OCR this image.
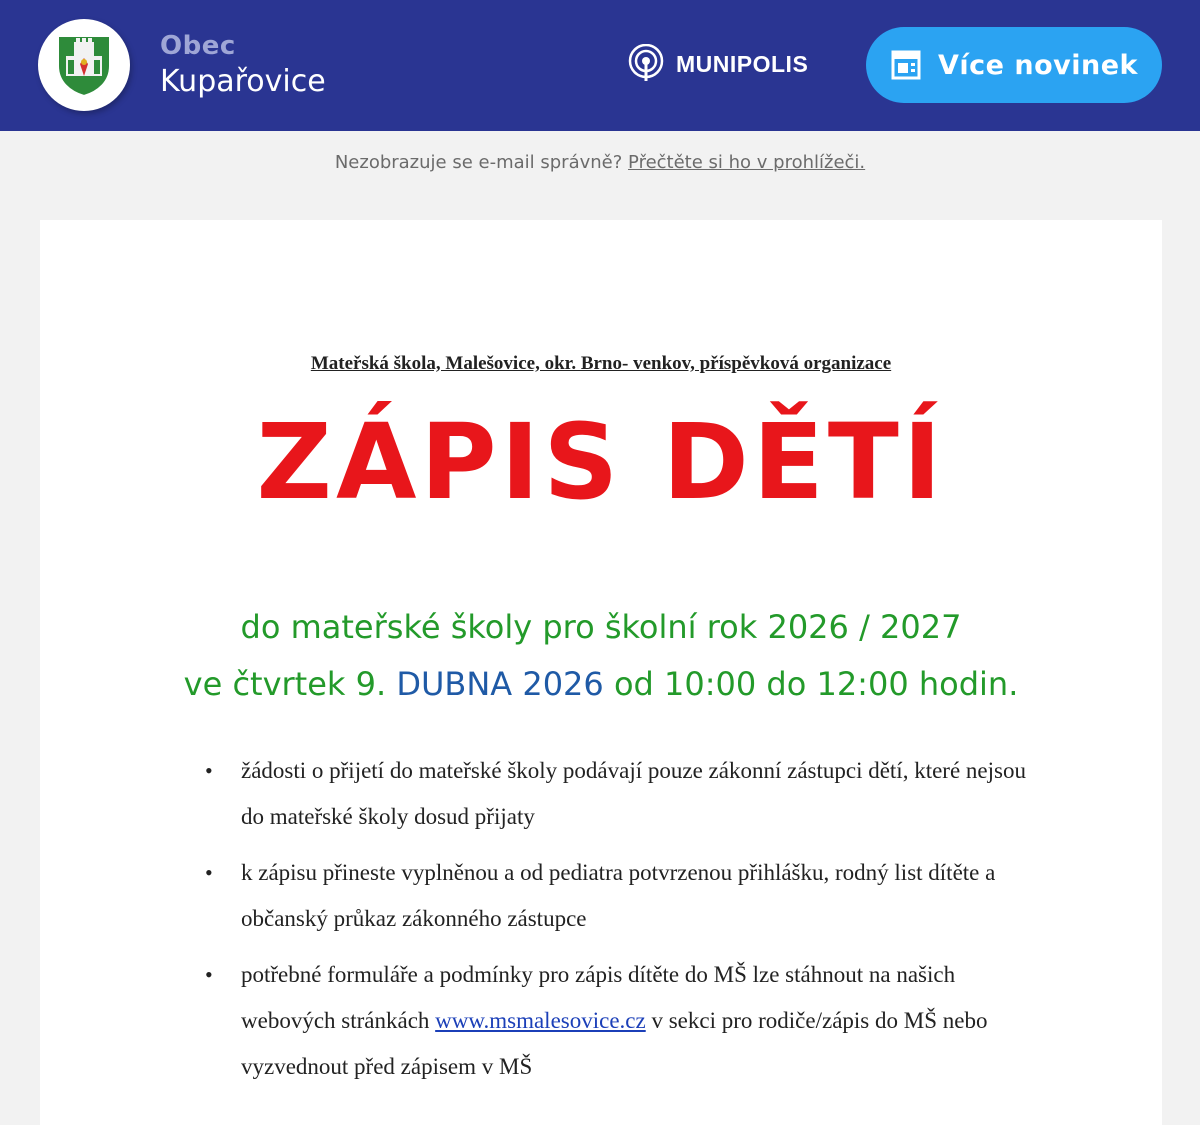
Obec
Kupařovice
MUNIPOLIS	Více novinek
Nezobrazuje se e-mail správně? Přečtěte si ho v prohlížeči.
Mateřská škola, Malešovice, okr. Brno- venkov, příspěvková organizace
ZÁPIS DĚTÍ
do mateřské školy pro školní rok 2026 / 2027
ve čtvrtek 9. DUBNA 2026 od 10:00 do 12:00 hodin.
• žádosti o přijetí do mateřské školy podávají pouze zákonní zástupci dětí, které nejsou do mateřské školy dosud přijaty
• k zápisu přineste vyplněnou a od pediatra potvrzenou přihlášku, rodný list dítěte a občanský průkaz zákonného zástupce
• potřebné formuláře a podmínky pro zápis dítěte do MŠ lze stáhnout na našich webových stránkách www.msmalesovice.cz v sekci pro rodiče/zápis do MŠ nebo vyzvednout před zápisem v MŠ
